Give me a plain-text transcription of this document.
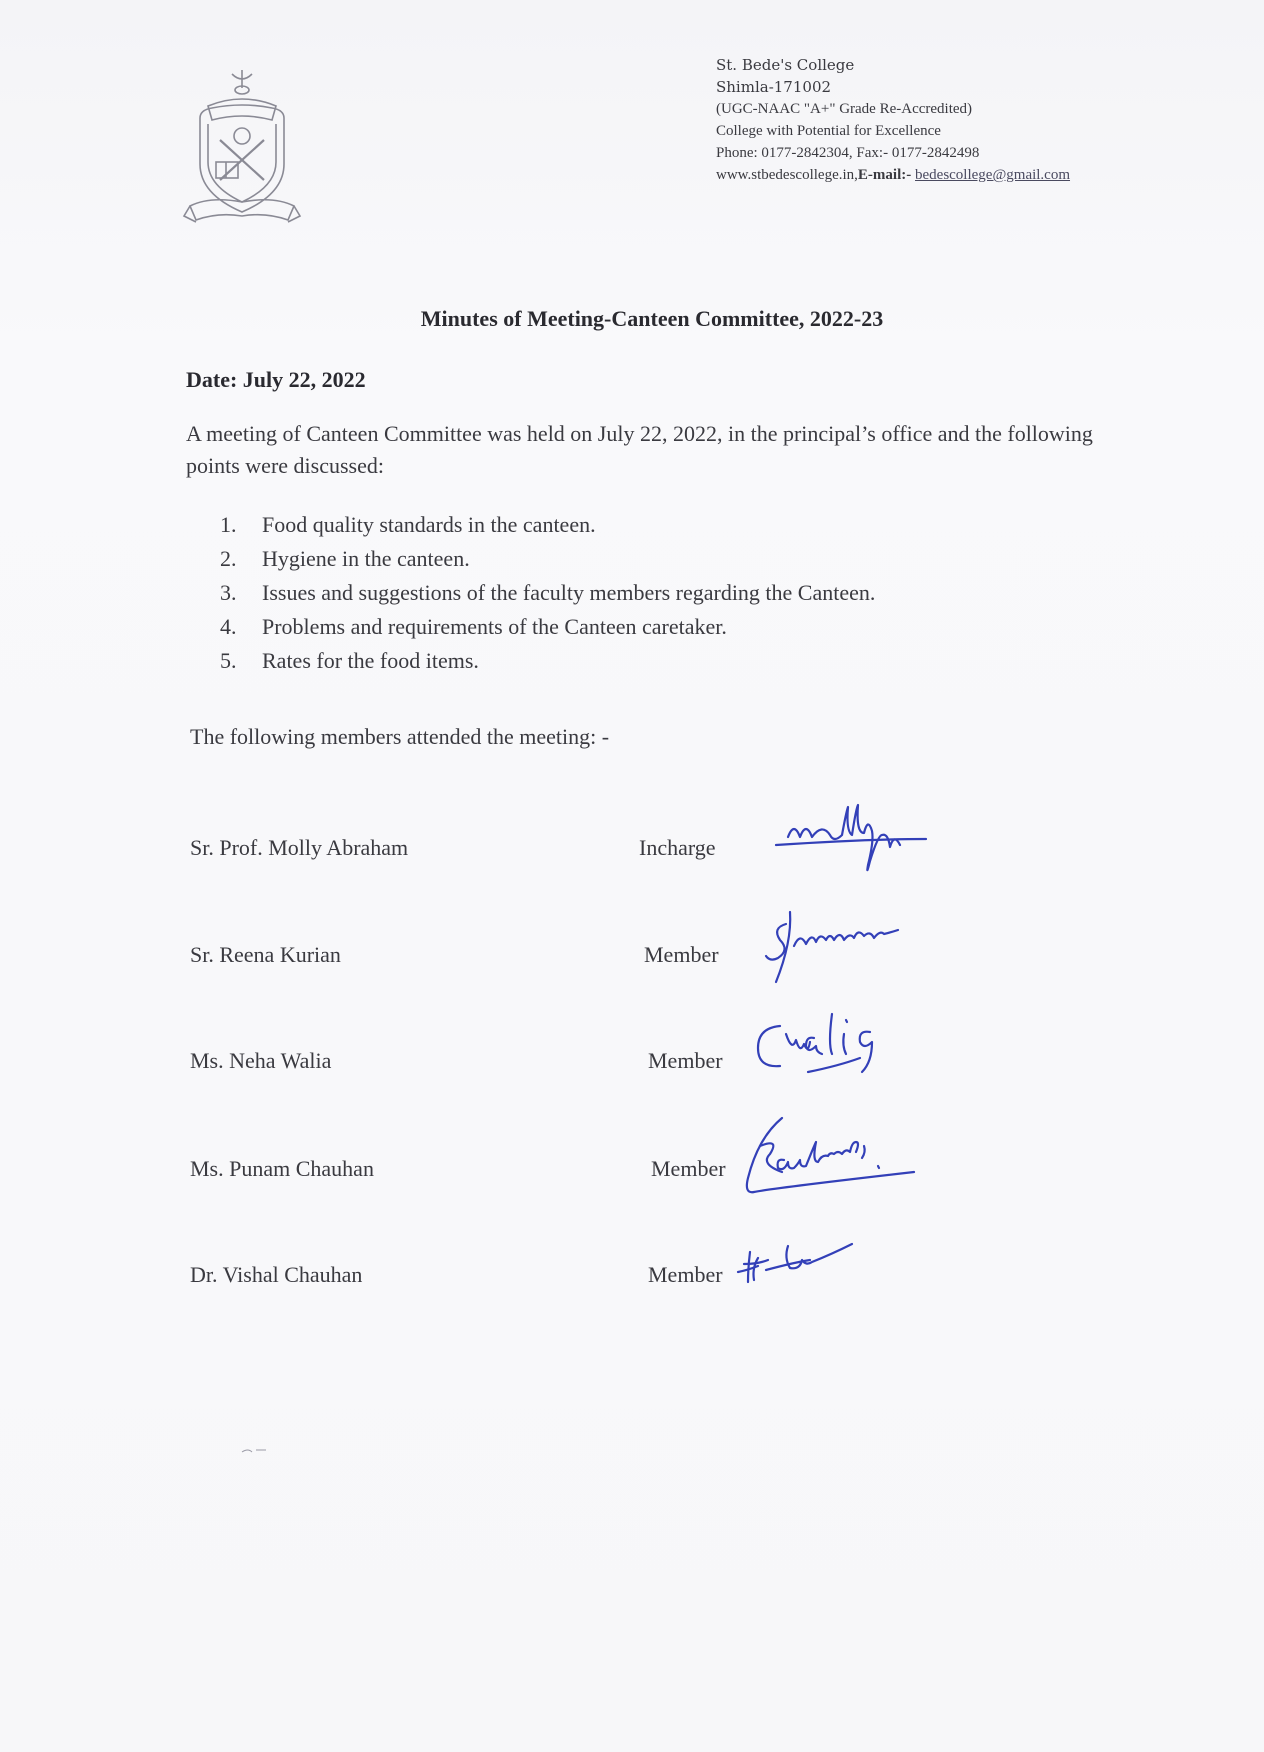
St. Bede's College
Shimla-171002
(UGC-NAAC "A+" Grade Re-Accredited)
College with Potential for Excellence
Phone: 0177-2842304, Fax:- 0177-2842498
www.stbedescollege.in,E-mail:- bedescollege@gmail.com
Minutes of Meeting-Canteen Committee, 2022-23
Date: July 22, 2022
A meeting of Canteen Committee was held on July 22, 2022, in the principal’s office and the following points were discussed:
1.	Food quality standards in the canteen.
2.	Hygiene in the canteen.
3.	Issues and suggestions of the faculty members regarding the Canteen.
4.	Problems and requirements of the Canteen caretaker.
5.	Rates for the food items.
The following members attended the meeting: -
Sr. Prof. Molly Abraham	Incharge
Sr. Reena Kurian	Member
Ms. Neha Walia	Member
Ms. Punam Chauhan	Member
Dr. Vishal Chauhan	Member
